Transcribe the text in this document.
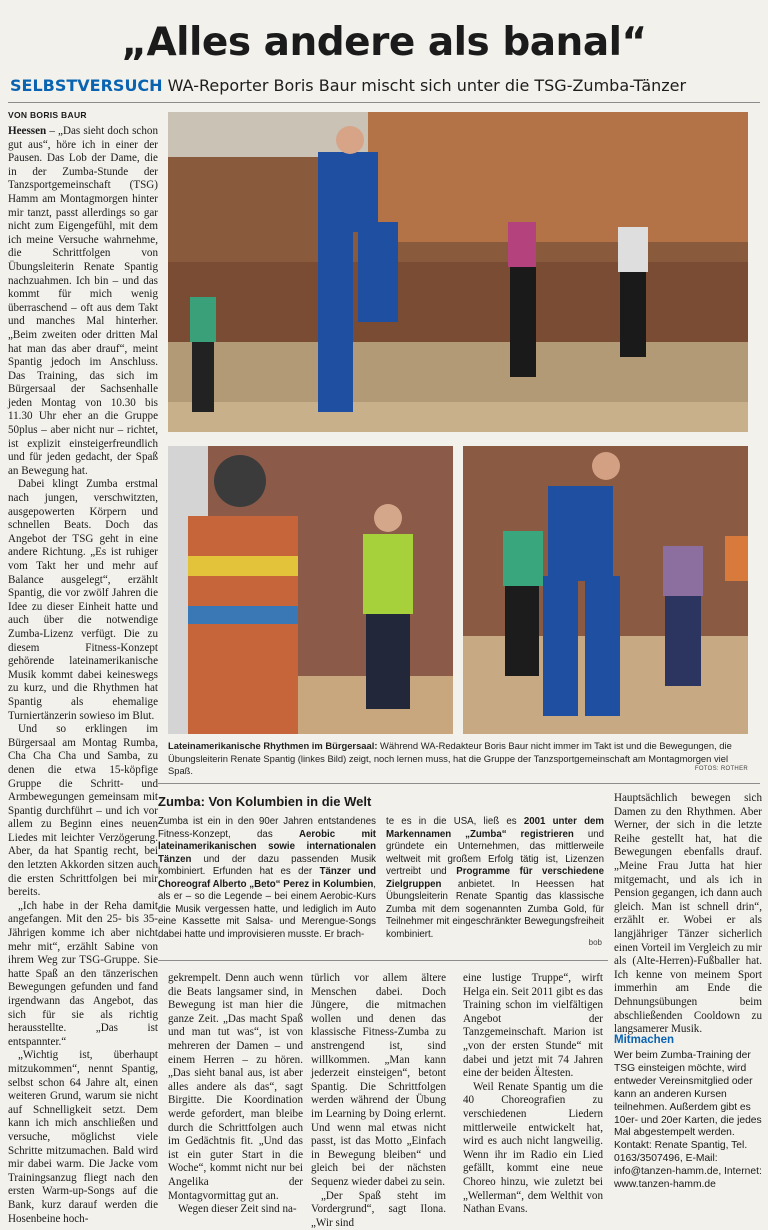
„Alles andere als banal“
SELBSTVERSUCH WA-Reporter Boris Baur mischt sich unter die TSG-Zumba-Tänzer
VON BORIS BAUR

Heessen – „Das sieht doch schon gut aus“, höre ich in einer der Pausen. Das Lob der Dame, die in der Zumba-Stunde der Tanzsportgemeinschaft (TSG) Hamm am Montagmorgen hinter mir tanzt, passt allerdings so gar nicht zum Eigengefühl, mit dem ich meine Versuche wahrnehme, die Schrittfolgen von Übungsleiterin Renate Spantig nachzuahmen. Ich bin – und das kommt für mich wenig überraschend – oft aus dem Takt und manches Mal hinterher. „Beim zweiten oder dritten Mal hat man das aber drauf“, meint Spantig jedoch im Anschluss. Das Training, das sich im Bürgersaal der Sachsenhalle jeden Montag von 10.30 bis 11.30 Uhr eher an die Gruppe 50plus – aber nicht nur – richtet, ist explizit einsteigerfreundlich und für jeden gedacht, der Spaß an Bewegung hat.

Dabei klingt Zumba erstmal nach jungen, verschwitzten, ausgepowerten Körpern und schnellen Beats. Doch das Angebot der TSG geht in eine andere Richtung. „Es ist ruhiger vom Takt her und mehr auf Balance ausgelegt“, erzählt Spantig, die vor zwölf Jahren die Idee zu dieser Einheit hatte und auch über die notwendige Zumba-Lizenz verfügt. Die zu diesem Fitness-Konzept gehörende lateinamerikanische Musik kommt dabei keineswegs zu kurz, und die Rhythmen hat Spantig als ehemalige Turniertänzerin sowieso im Blut.

Und so erklingen im Bürgersaal am Montag Rumba, Cha Cha Cha und Samba, zu denen die etwa 15-köpfige Gruppe die Schritt- und Armbewegungen gemeinsam mit Spantig durchführt – und ich vor allem zu Beginn eines neuen Liedes mit leichter Verzögerung. Aber, da hat Spantig recht, bei den letzten Akkorden sitzen auch die ersten Schrittfolgen bei mir bereits.

„Ich habe in der Reha damit angefangen. Mit den 25- bis 35-Jährigen komme ich aber nicht mehr mit“, erzählt Sabine von ihrem Weg zur TSG-Gruppe. Sie hatte Spaß an den tänzerischen Bewegungen gefunden und fand irgendwann das Angebot, das sich für sie als richtig herausstellte. „Das ist entspannter.“

„Wichtig ist, überhaupt mitzukommen“, nennt Spantig, selbst schon 64 Jahre alt, einen weiteren Grund, warum sie nicht auf Schnelligkeit setzt. Dem kann ich mich anschließen und versuche, möglichst viele Schritte mitzumachen. Bald wird mir dabei warm. Die Jacke vom Trainingsanzug fliegt nach den ersten Warm-up-Songs auf die Bank, kurz darauf werden die Hosenbeine hoch-

Lateinamerikanische Rhythmen im Bürgersaal: Während WA-Redakteur Boris Baur nicht immer im Takt ist und die Bewegungen, die Übungsleiterin Renate Spantig (linkes Bild) zeigt, noch lernen muss, hat die Gruppe der Tanzsportgemeinschaft am Montagmorgen viel Spaß.	FOTOS: ROTHER
Zumba: Von Kolumbien in die Welt
Zumba ist ein in den 90er Jahren entstandenes Fitness-Konzept, das Aerobic mit lateinamerikanischen sowie internationalen Tänzen und der dazu passenden Musik kombiniert. Erfunden hat es der Tänzer und Choreograf Alberto „Beto“ Perez in Kolumbien, als er – so die Legende – bei einem Aerobic-Kurs die Musik vergessen hatte, und lediglich im Auto eine Kassette mit Salsa- und Merengue-Songs dabei hatte und improvisieren musste. Er brach-
te es in die USA, ließ es 2001 unter dem Markennamen „Zumba“ registrieren und gründete ein Unternehmen, das mittlerweile weltweit mit großem Erfolg tätig ist, Lizenzen vertreibt und Programme für verschiedene Zielgruppen anbietet. In Heessen hat Übungsleiterin Renate Spantig das klassische Zumba mit dem sogenannten Zumba Gold, für Teilnehmer mit eingeschränkter Bewegungsfreiheit kombiniert.
bob

gekrempelt. Denn auch wenn die Beats langsamer sind, in Bewegung ist man hier die ganze Zeit. „Das macht Spaß und man tut was“, ist von mehreren der Damen – und einem Herren – zu hören. „Das sieht banal aus, ist aber alles andere als das“, sagt Birgitte. Die Koordination werde gefordert, man bleibe durch die Schrittfolgen auch im Gedächtnis fit. „Und das ist ein guter Start in die Woche“, kommt nicht nur bei Angelika der Montagvormittag gut an.

Wegen dieser Zeit sind na-

türlich vor allem ältere Menschen dabei. Doch Jüngere, die mitmachen wollen und denen das klassische Fitness-Zumba zu anstrengend ist, sind willkommen. „Man kann jederzeit einsteigen“, betont Spantig. Die Schrittfolgen werden während der Übung im Learning by Doing erlernt. Und wenn mal etwas nicht passt, ist das Motto „Einfach in Bewegung bleiben“ und gleich bei der nächsten Sequenz wieder dabei zu sein.

„Der Spaß steht im Vordergrund“, sagt Ilona. „Wir sind

eine lustige Truppe“, wirft Helga ein. Seit 2011 gibt es das Training schon im vielfältigen Angebot der Tanzgemeinschaft. Marion ist „von der ersten Stunde“ mit dabei und jetzt mit 74 Jahren eine der beiden Ältesten.

Weil Renate Spantig um die 40 Choreografien zu verschiedenen Liedern mittlerweile entwickelt hat, wird es auch nicht langweilig. Wenn ihr im Radio ein Lied gefällt, kommt eine neue Choreo hinzu, wie zuletzt bei „Wellerman“, dem Welthit von Nathan Evans.

Hauptsächlich bewegen sich Damen zu den Rhythmen. Aber Werner, der sich in die letzte Reihe gestellt hat, hat die Bewegungen ebenfalls drauf. „Meine Frau Jutta hat hier mitgemacht, und als ich in Pension gegangen, ich dann auch gleich. Man ist schnell drin“, erzählt er. Wobei er als langjähriger Tänzer sicherlich einen Vorteil im Vergleich zu mir als (Alte-Herren)-Fußballer hat. Ich kenne von meinem Sport immerhin am Ende die Dehnungsübungen beim abschließenden Cooldown zu langsamerer Musik.

Mitmachen
Wer beim Zumba-Training der TSG einsteigen möchte, wird entweder Vereinsmitglied oder kann an anderen Kursen teilnehmen. Außerdem gibt es 10er- und 20er Karten, die jedes Mal abgestempelt werden. Kontakt: Renate Spantig, Tel. 0163/3507496, E-Mail: info@tanzen-hamm.de, Internet: www.tanzen-hamm.de
